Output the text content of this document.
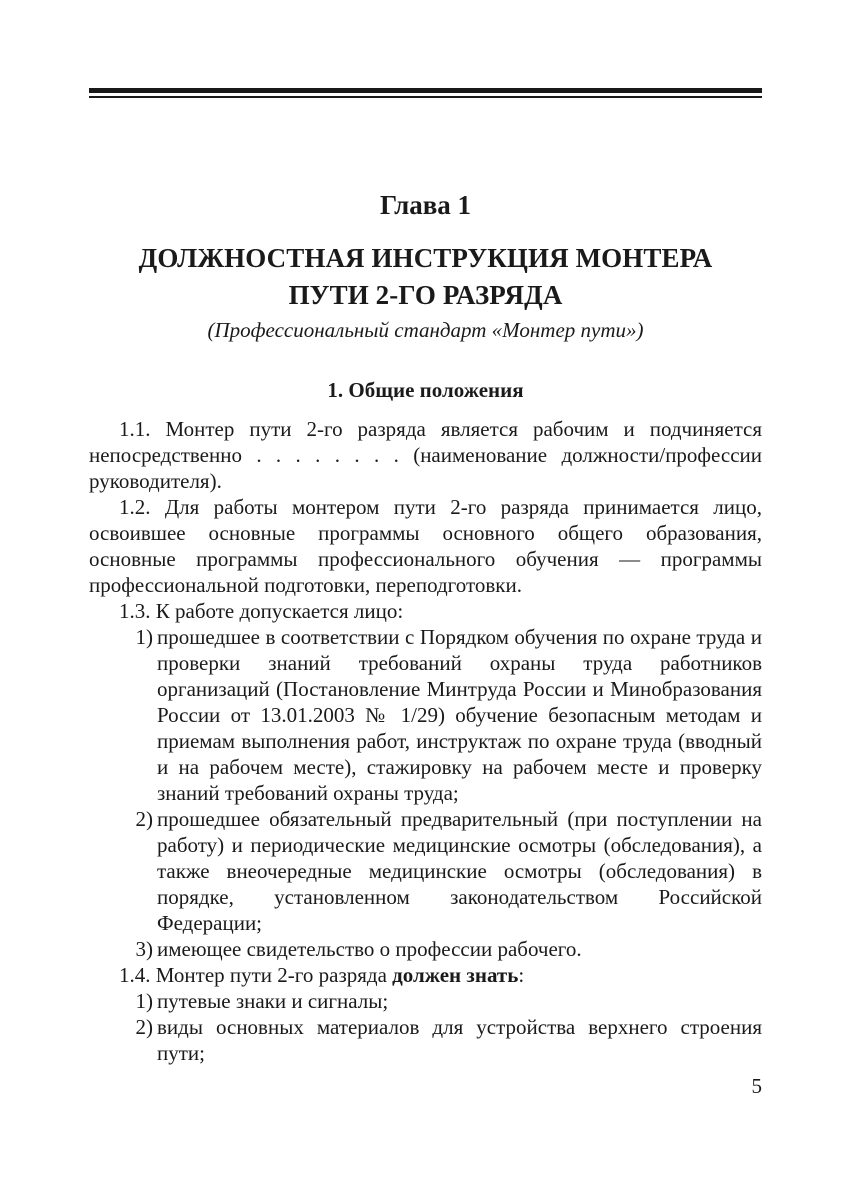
Глава 1
ДОЛЖНОСТНАЯ ИНСТРУКЦИЯ МОНТЕРА
ПУТИ 2-ГО РАЗРЯДА
(Профессиональный стандарт «Монтер пути»)
1. Общие положения

1.1. Монтер пути 2-го разряда является рабочим и подчиняется непосредственно . . . . . . . . (наименование должности/профессии руководителя).

1.2. Для работы монтером пути 2-го разряда принимается лицо, освоившее основные программы основного общего образования, основные программы профессионального обучения — программы профессиональной подготовки, переподготовки.

1.3. К работе допускается лицо:

1) прошедшее в соответствии с Порядком обучения по охране труда и проверки знаний требований охраны труда работников организаций (Постановление Минтруда России и Минобразования России от 13.01.2003 № 1/29) обучение безопасным методам и приемам выполнения работ, инструктаж по охране труда (вводный и на рабочем месте), стажировку на рабочем месте и проверку знаний требований охраны труда;
2) прошедшее обязательный предварительный (при поступлении на работу) и периодические медицинские осмотры (обследования), а также внеочередные медицинские осмотры (обследования) в порядке, установленном законодательством Российской Федерации;
3) имеющее свидетельство о профессии рабочего.

1.4. Монтер пути 2-го разряда должен знать:

1) путевые знаки и сигналы;
2) виды основных материалов для устройства верхнего строения пути;
5
